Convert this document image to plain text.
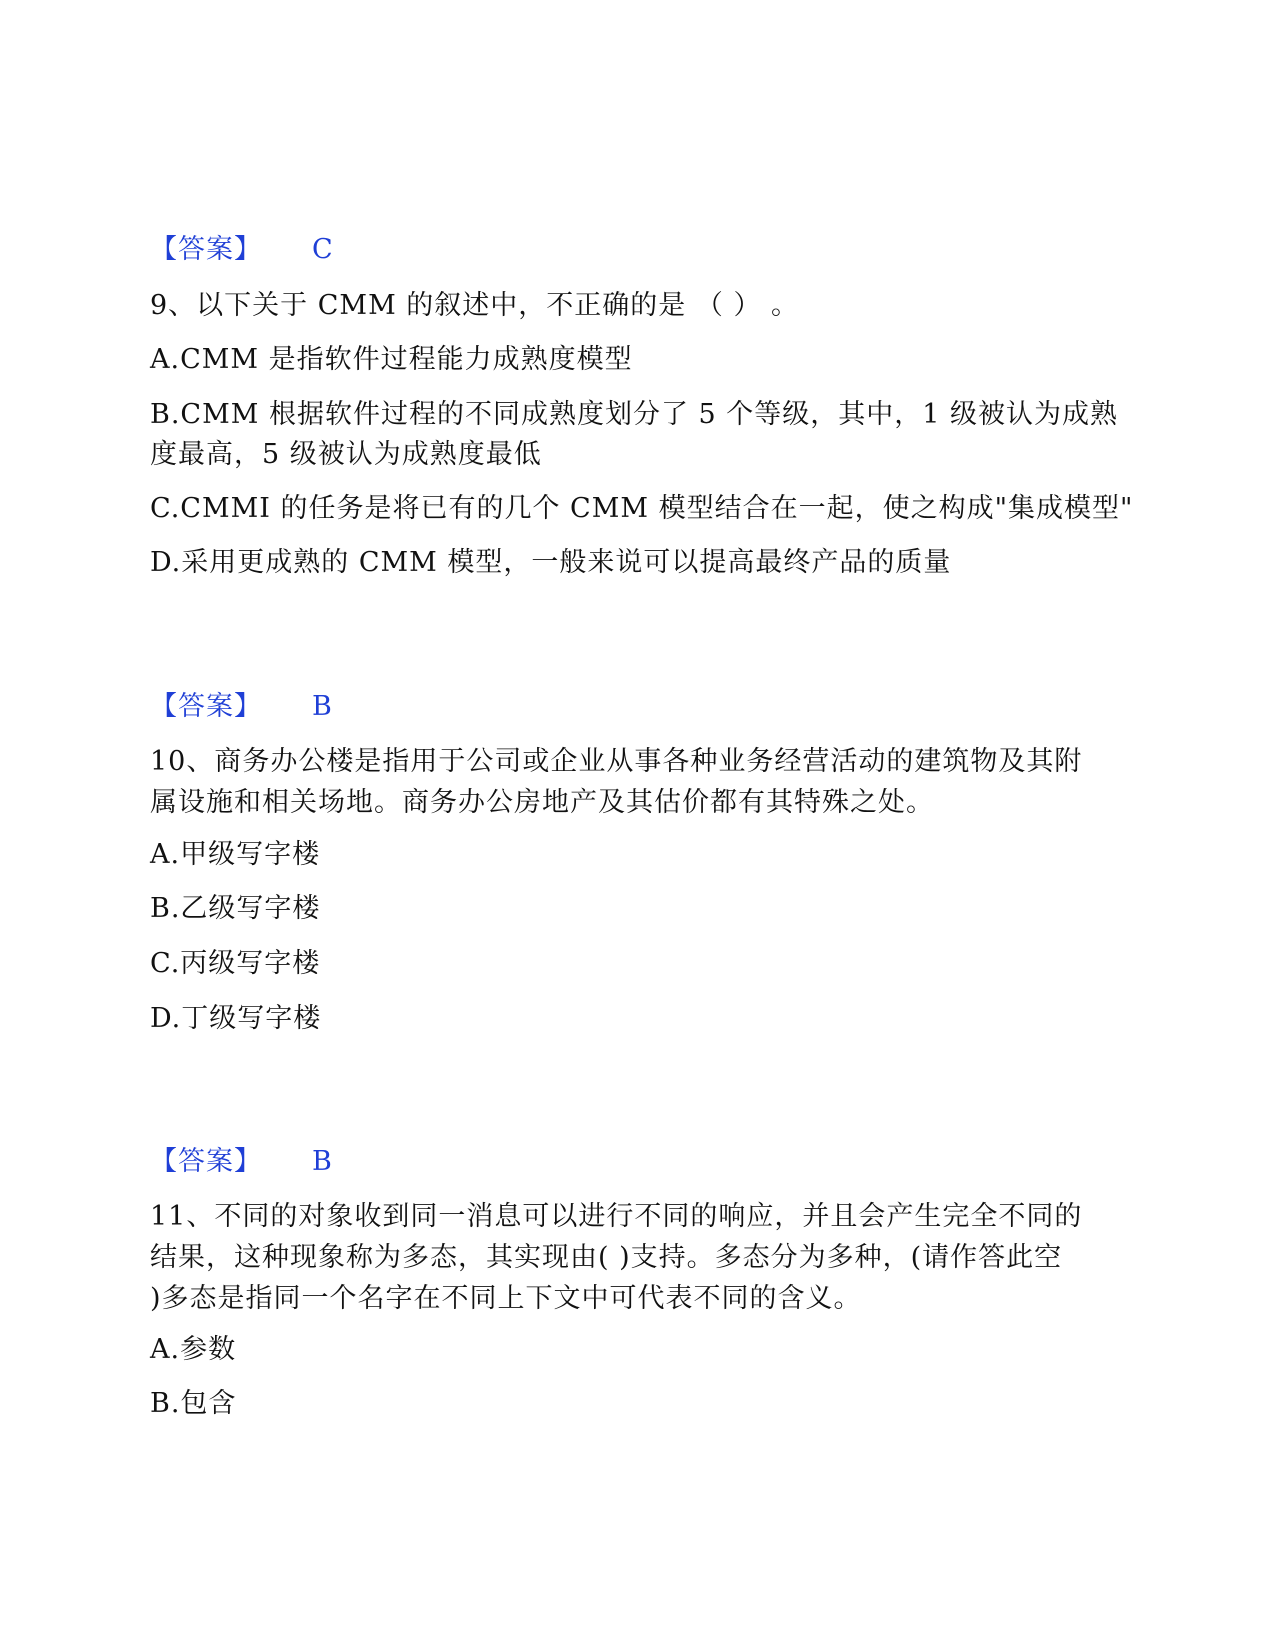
【答案】 C
9、以下关于 CMM 的叙述中，不正确的是 （ ） 。
A.CMM 是指软件过程能力成熟度模型
B.CMM 根据软件过程的不同成熟度划分了 5 个等级，其中，1 级被认为成熟
度最高，5 级被认为成熟度最低
C.CMMI 的任务是将已有的几个 CMM 模型结合在一起，使之构成"集成模型"
D.采用更成熟的 CMM 模型，一般来说可以提高最终产品的质量
【答案】 B
10、商务办公楼是指用于公司或企业从事各种业务经营活动的建筑物及其附
属设施和相关场地。商务办公房地产及其估价都有其特殊之处。
A.甲级写字楼
B.乙级写字楼
C.丙级写字楼
D.丁级写字楼
【答案】 B
11、不同的对象收到同一消息可以进行不同的响应，并且会产生完全不同的
结果，这种现象称为多态，其实现由( )支持。多态分为多种，(请作答此空
)多态是指同一个名字在不同上下文中可代表不同的含义。
A.参数
B.包含
